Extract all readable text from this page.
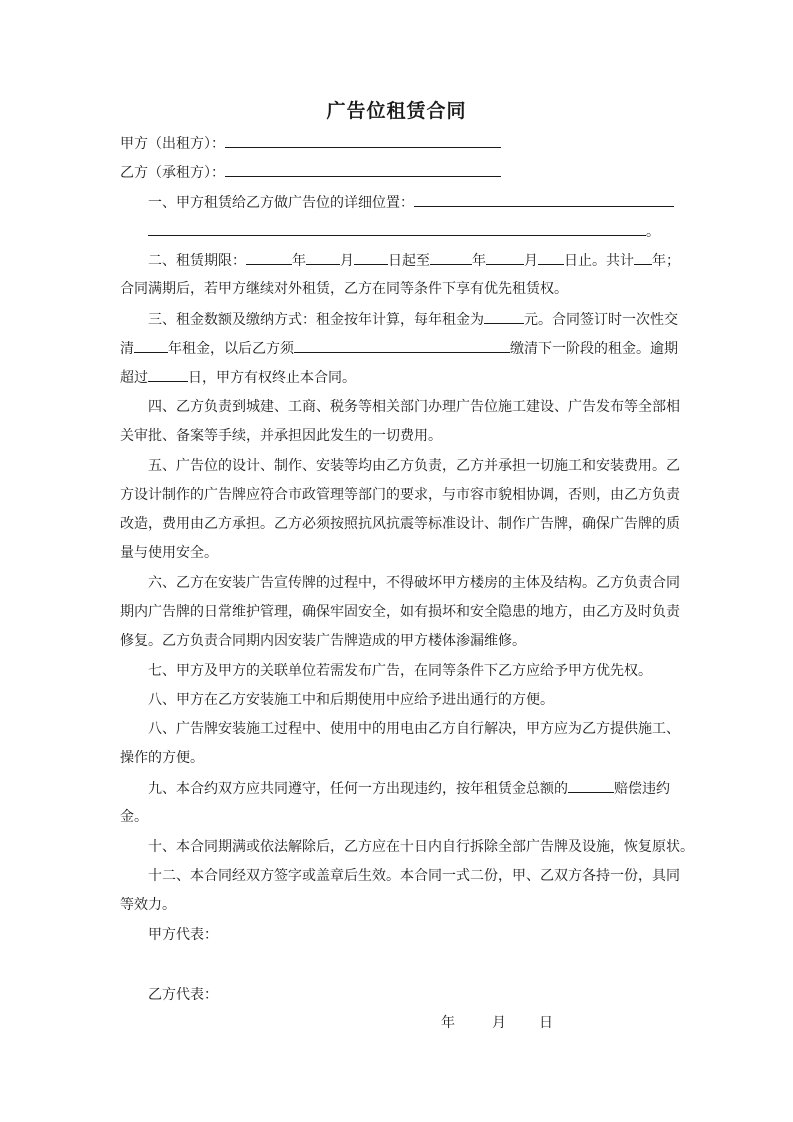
广告位租赁合同
甲方（出租方）：
乙方（承租方）：
一、甲方租赁给乙方做广告位的详细位置：
。
二、租赁期限：	年 月 日起至	年	月 日止。共计 年；
合同满期后，若甲方继续对外租赁，乙方在同等条件下享有优先租赁权。
三、租金数额及缴纳方式：租金按年计算，每年租金为	元。合同签订时一次性交
清 年租金，以后乙方须	缴清下一阶段的租金。逾期
超过	日，甲方有权终止本合同。
四、乙方负责到城建、工商、税务等相关部门办理广告位施工建设、广告发布等全部相
关审批、备案等手续，并承担因此发生的一切费用。
五、广告位的设计、制作、安装等均由乙方负责，乙方并承担一切施工和安装费用。乙
方设计制作的广告牌应符合市政管理等部门的要求，与市容市貌相协调，否则，由乙方负责
改造，费用由乙方承担。乙方必须按照抗风抗震等标准设计、制作广告牌，确保广告牌的质
量与使用安全。
六、乙方在安装广告宣传牌的过程中，不得破坏甲方楼房的主体及结构。乙方负责合同
期内广告牌的日常维护管理，确保牢固安全，如有损坏和安全隐患的地方，由乙方及时负责
修复。乙方负责合同期内因安装广告牌造成的甲方楼体渗漏维修。
七、甲方及甲方的关联单位若需发布广告，在同等条件下乙方应给予甲方优先权。
八、甲方在乙方安装施工中和后期使用中应给予进出通行的方便。
八、广告牌安装施工过程中、使用中的用电由乙方自行解决，甲方应为乙方提供施工、
操作的方便。
九、本合约双方应共同遵守，任何一方出现违约，按年租赁金总额的	赔偿违约
金。
十、本合同期满或依法解除后，乙方应在十日内自行拆除全部广告牌及设施，恢复原状。
十二、本合同经双方签字或盖章后生效。本合同一式二份，甲、乙双方各持一份，具同
等效力。
甲方代表：
乙方代表：
年	月 日
